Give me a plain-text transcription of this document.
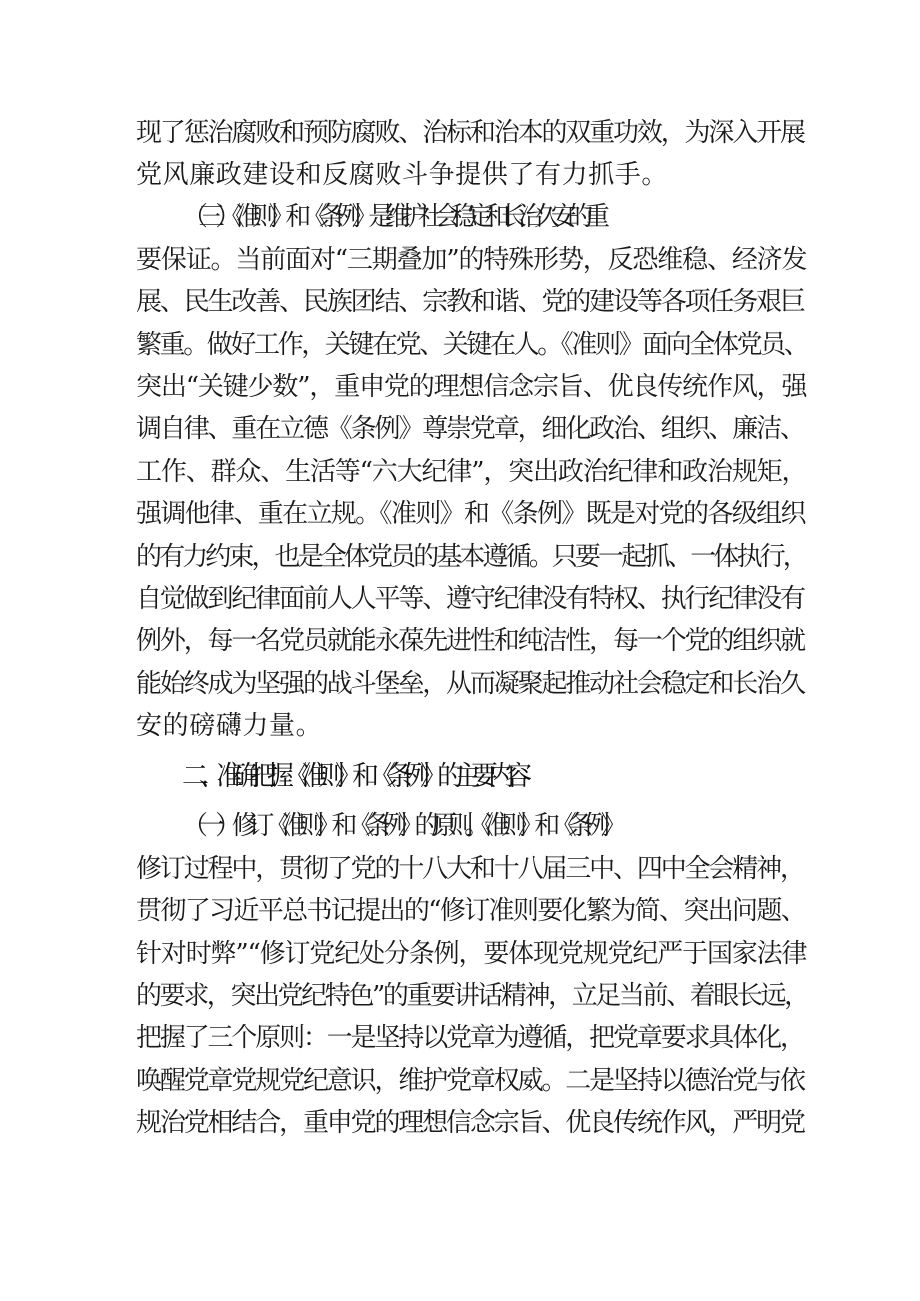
现了惩治腐败和预防腐败、治标和治本的双重功效，为深入开展
党风廉政建设和反腐败斗争提供了有力抓手。
（三）《准则》和《条例》是维护社会稳定和长治久安的重
要保证。当前面对“三期叠加”的特殊形势，反恐维稳、经济发
展、民生改善、民族团结、宗教和谐、党的建设等各项任务艰巨
繁重。做好工作，关键在党、关键在人。《准则》面向全体党员、
突出“关键少数”，重申党的理想信念宗旨、优良传统作风，强
调自律、重在立德《条例》尊崇党章，细化政治、组织、廉洁、
工作、群众、生活等“六大纪律”，突出政治纪律和政治规矩，
强调他律、重在立规。《准则》和《条例》既是对党的各级组织
的有力约束，也是全体党员的基本遵循。只要一起抓、一体执行，
自觉做到纪律面前人人平等、遵守纪律没有特权、执行纪律没有
例外，每一名党员就能永葆先进性和纯洁性，每一个党的组织就
能始终成为坚强的战斗堡垒，从而凝聚起推动社会稳定和长治久
安的磅礴力量。
二、准确把握《准则》和《条例》的主要内容
（一）修订《准则》和《条例》的原则。《准则》和《条例》
修订过程中，贯彻了党的十八大和十八届三中、四中全会精神，
贯彻了习近平总书记提出的“修订准则要化繁为简、突出问题、
针对时弊”“修订党纪处分条例，要体现党规党纪严于国家法律
的要求，突出党纪特色”的重要讲话精神，立足当前、着眼长远，
把握了三个原则：一是坚持以党章为遵循，把党章要求具体化，
唤醒党章党规党纪意识，维护党章权威。二是坚持以德治党与依
规治党相结合，重申党的理想信念宗旨、优良传统作风，严明党
